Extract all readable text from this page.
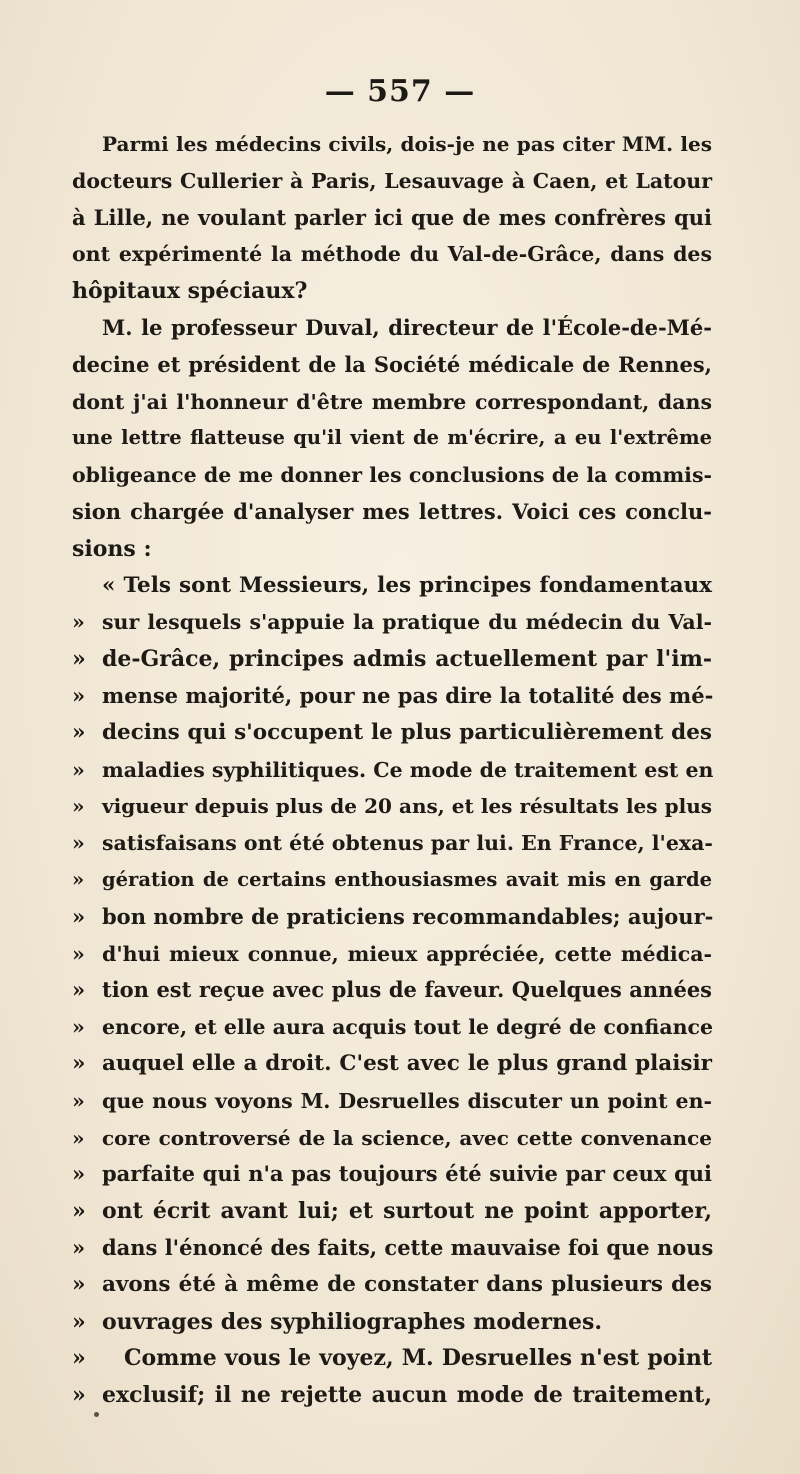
— 557 —
Parmi les médecins civils, dois-je ne pas citer MM. les
docteurs Cullerier à Paris, Lesauvage à Caen, et Latour
à Lille, ne voulant parler ici que de mes confrères qui
ont expérimenté la méthode du Val-de-Grâce, dans des
hôpitaux spéciaux?
M. le professeur Duval, directeur de l'École-de-Mé-
decine et président de la Société médicale de Rennes,
dont j'ai l'honneur d'être membre correspondant, dans
une lettre flatteuse qu'il vient de m'écrire, a eu l'extrême
obligeance de me donner les conclusions de la commis-
sion chargée d'analyser mes lettres. Voici ces conclu-
sions :
« Tels sont Messieurs, les principes fondamentaux
» sur lesquels s'appuie la pratique du médecin du Val-
» de-Grâce, principes admis actuellement par l'im-
» mense majorité, pour ne pas dire la totalité des mé-
» decins qui s'occupent le plus particulièrement des
» maladies syphilitiques. Ce mode de traitement est en
» vigueur depuis plus de 20 ans, et les résultats les plus
» satisfaisans ont été obtenus par lui. En France, l'exa-
» gération de certains enthousiasmes avait mis en garde
» bon nombre de praticiens recommandables; aujour-
» d'hui mieux connue, mieux appréciée, cette médica-
» tion est reçue avec plus de faveur. Quelques années
» encore, et elle aura acquis tout le degré de confiance
» auquel elle a droit. C'est avec le plus grand plaisir
» que nous voyons M. Desruelles discuter un point en-
» core controversé de la science, avec cette convenance
» parfaite qui n'a pas toujours été suivie par ceux qui
» ont écrit avant lui; et surtout ne point apporter,
» dans l'énoncé des faits, cette mauvaise foi que nous
» avons été à même de constater dans plusieurs des
» ouvrages des syphiliographes modernes.
» Comme vous le voyez, M. Desruelles n'est point
» exclusif; il ne rejette aucun mode de traitement,
